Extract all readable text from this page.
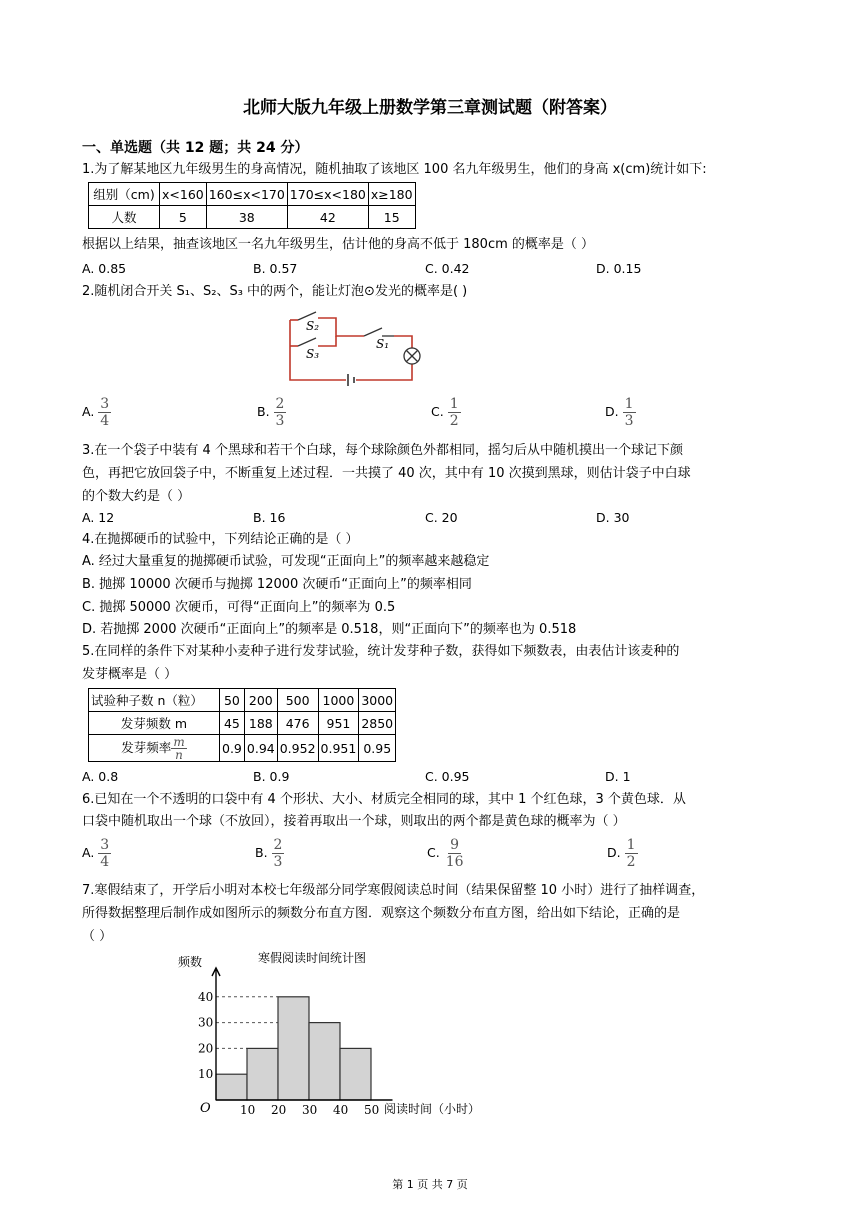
北师大版九年级上册数学第三章测试题（附答案）
一、单选题（共 12 题；共 24 分）
1.为了解某地区九年级男生的身高情况，随机抽取了该地区 100 名九年级男生，他们的身高 x(cm)统计如下:
组别（cm)	x<160	160≤x<170	170≤x<180	x≥180
人数	5	38	42	15
根据以上结果，抽查该地区一名九年级男生，估计他的身高不低于 180cm 的概率是（ ）
A. 0.85	B. 0.57	C. 0.42	D. 0.15
2.随机闭合开关 S₁、S₂、S₃ 中的两个，能让灯泡⊙发光的概率是( )
S₂
S₃
S₁
A. $\frac{3}{4}$	B. $\frac{2}{3}$	C. $\frac{1}{2}$	D. $\frac{1}{3}$
3.在一个袋子中装有 4 个黑球和若干个白球，每个球除颜色外都相同，摇匀后从中随机摸出一个球记下颜
色，再把它放回袋子中，不断重复上述过程．一共摸了 40 次，其中有 10 次摸到黑球，则估计袋子中白球
的个数大约是（ ）
A. 12	B. 16	C. 20	D. 30
4.在抛掷硬币的试验中，下列结论正确的是（ ）
A. 经过大量重复的抛掷硬币试验，可发现“正面向上”的频率越来越稳定
B. 抛掷 10000 次硬币与抛掷 12000 次硬币“正面向上”的频率相同
C. 抛掷 50000 次硬币，可得“正面向上”的频率为 0.5
D. 若抛掷 2000 次硬币“正面向上”的频率是 0.518，则“正面向下”的频率也为 0.518
5.在同样的条件下对某种小麦种子进行发芽试验，统计发芽种子数，获得如下频数表，由表估计该麦种的
发芽概率是（ ）
试验种子数 n（粒）	50	200	500	1000	3000
发芽频数 m	45	188	476	951	2850
发芽频率 $\frac{m}{n}$	0.9	0.94	0.952	0.951	0.95
A. 0.8	B. 0.9	C. 0.95	D. 1
6.已知在一个不透明的口袋中有 4 个形状、大小、材质完全相同的球，其中 1 个红色球，3 个黄色球．从
口袋中随机取出一个球（不放回），接着再取出一个球，则取出的两个都是黄色球的概率为（ ）
A. $\frac{3}{4}$	B. $\frac{2}{3}$	C. $\frac{9}{16}$	D. $\frac{1}{2}$
7.寒假结束了，开学后小明对本校七年级部分同学寒假阅读总时间（结果保留整 10 小时）进行了抽样调查，
所得数据整理后制作成如图所示的频数分布直方图．观察这个频数分布直方图，给出如下结论，正确的是
（ ）
频数	寒假阅读时间统计图
阅读时间（小时）
O
10
20
30
40
10 20 30 40 50
第 1 页 共 7 页
